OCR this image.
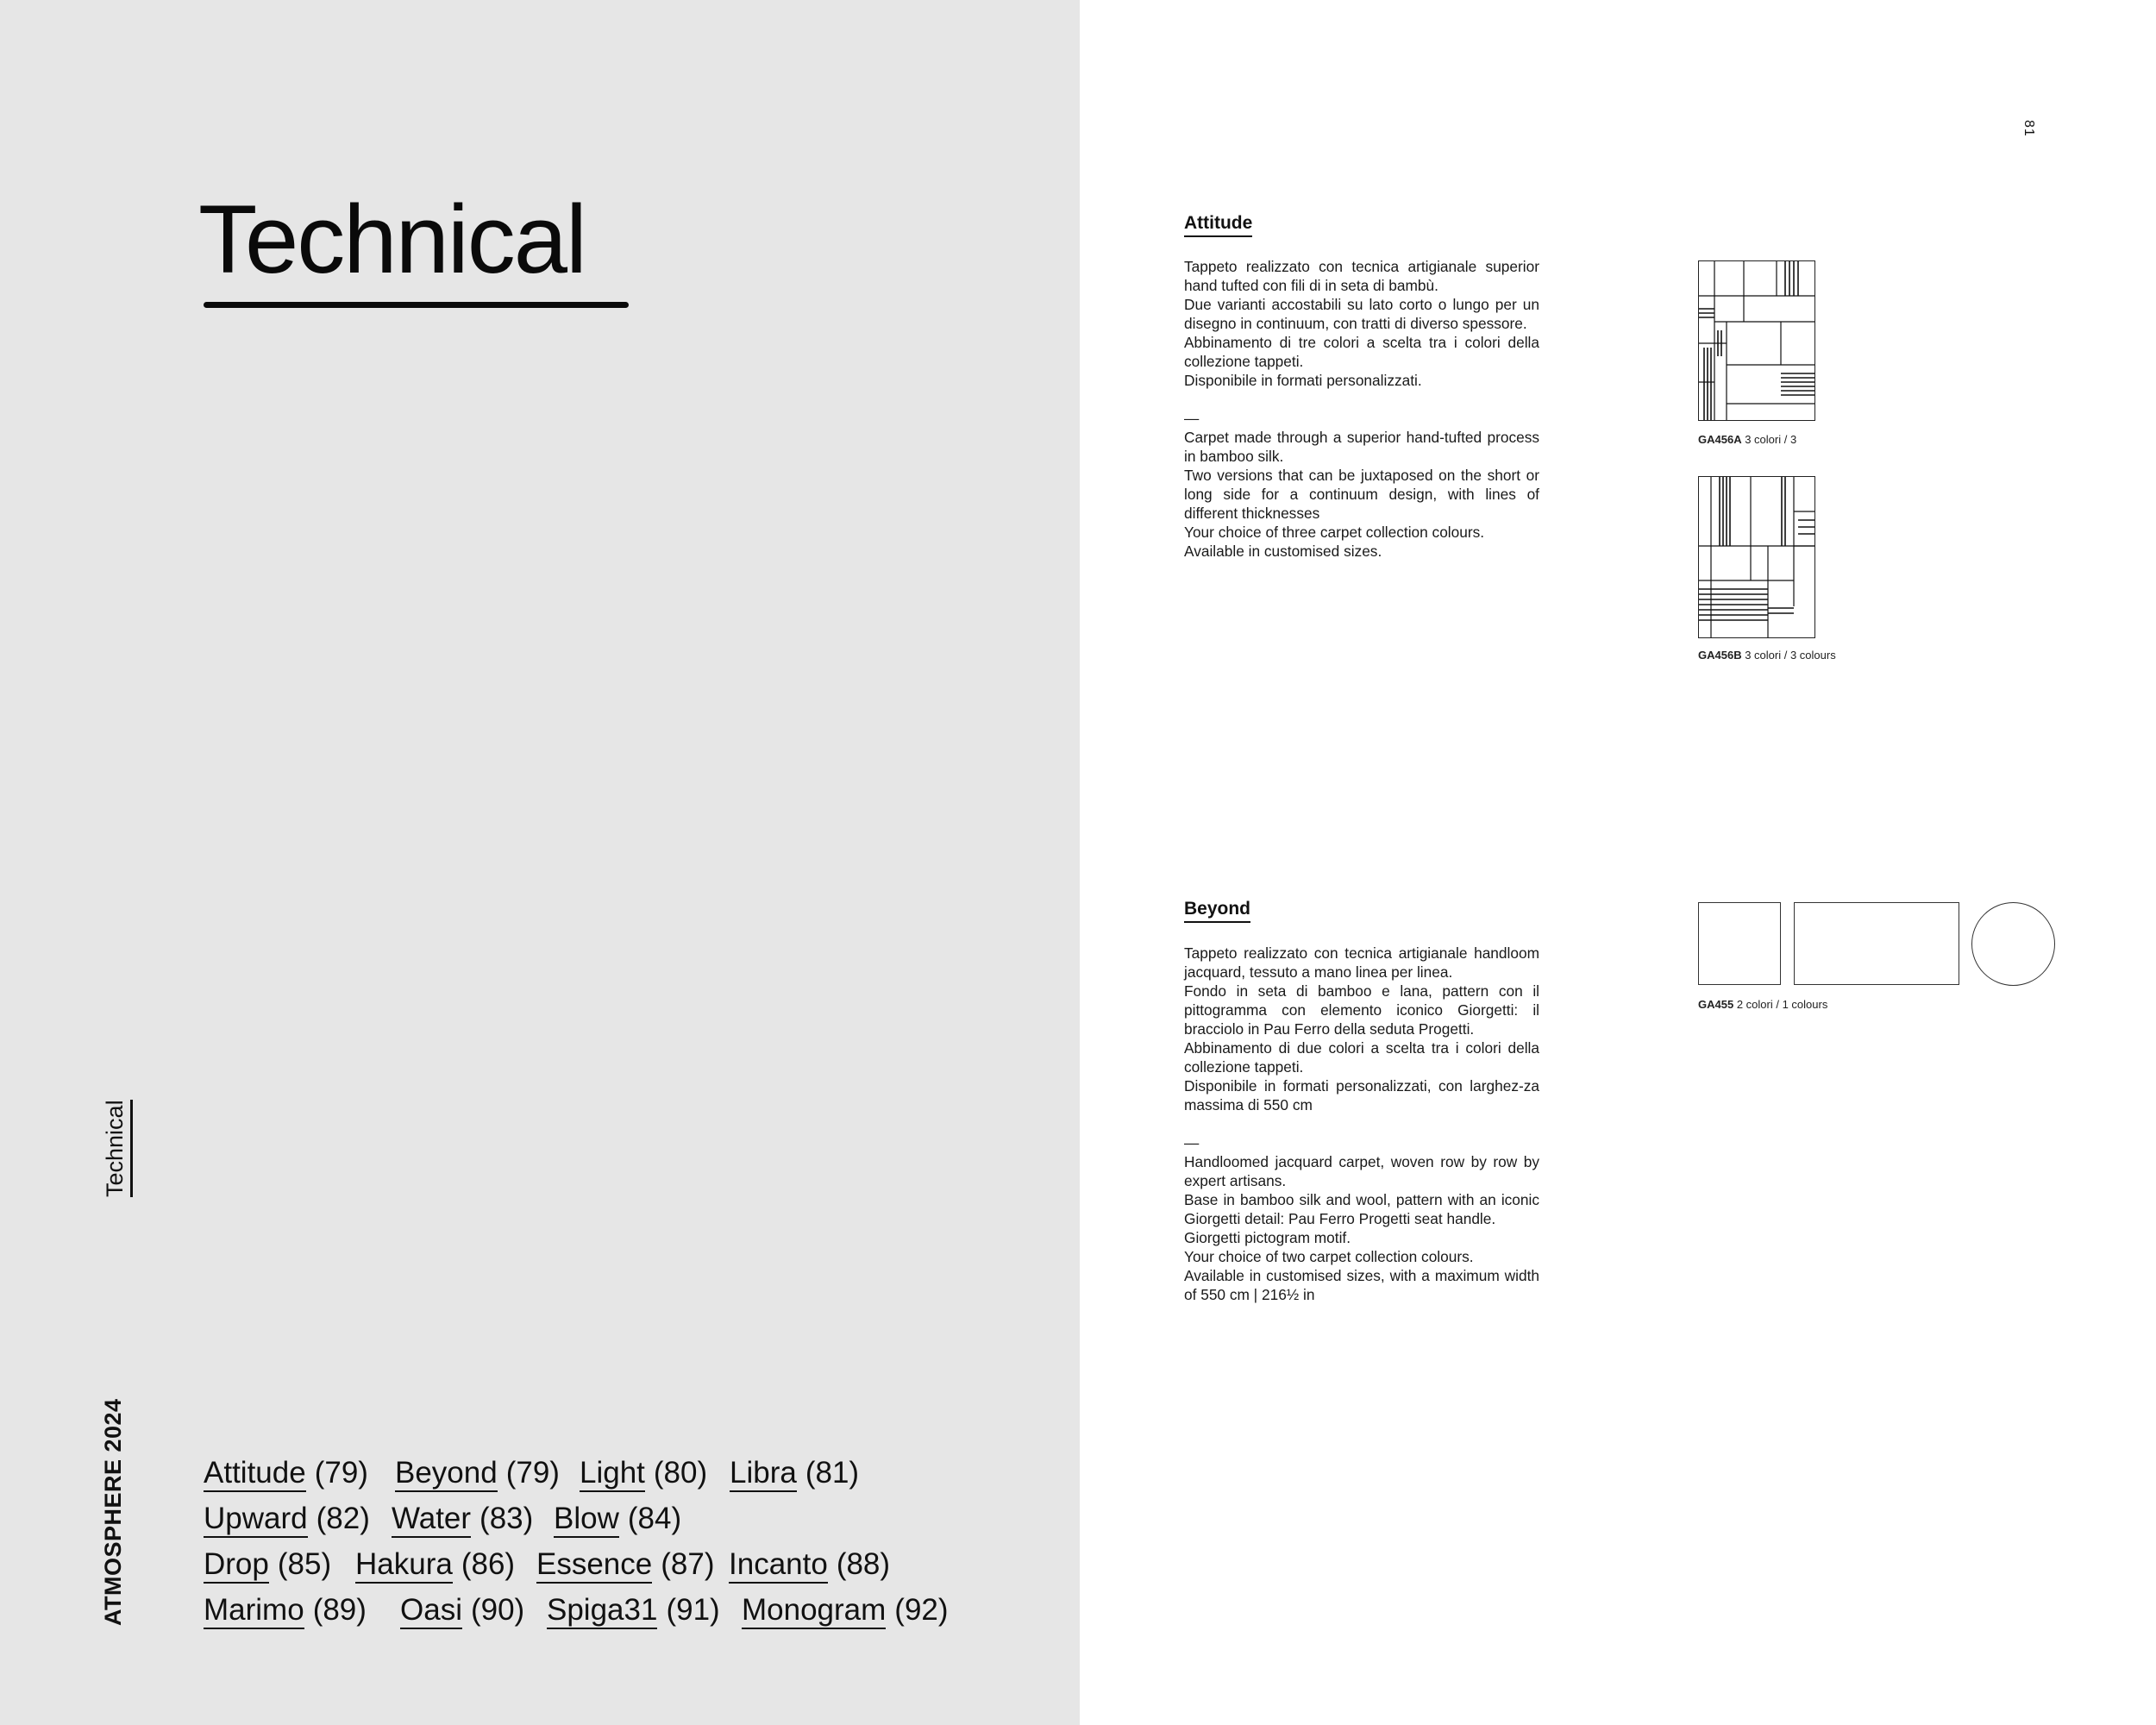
Technical
Technical
ATMOSPHERE 2024	Attitude (79) Beyond (79) Light (80) Libra (81)
Upward (82) Water (83) Blow (84)
Drop (85) Hakura (86) Essence (87) Incanto (88)
Marimo (89) Oasi (90) Spiga31 (91) Monogram (92)
81
Attitude
Tappeto realizzato con tecnica artigianale superior hand tufted con fili di in seta di bambù.
Due varianti accostabili su lato corto o lungo per un disegno in continuum, con tratti di diverso spessore.
Abbinamento di tre colori a scelta tra i colori della collezione tappeti.
Disponibile in formati personalizzati.
—
Carpet made through a superior hand-tufted process in bamboo silk.
Two versions that can be juxtaposed on the short or long side for a continuum design, with lines of different thicknesses
Your choice of three carpet collection colours.
Available in customised sizes.
GA456A 3 colori / 3
GA456B 3 colori / 3 colours
Beyond
Tappeto realizzato con tecnica artigianale handloom jacquard, tessuto a mano linea per linea.
Fondo in seta di bamboo e lana, pattern con il pittogramma con elemento iconico Giorgetti: il bracciolo in Pau Ferro della seduta Progetti.
Abbinamento di due colori a scelta tra i colori della collezione tappeti.
Disponibile in formati personalizzati, con larghez-za massima di 550 cm
—
Handloomed jacquard carpet, woven row by row by expert artisans.
Base in bamboo silk and wool, pattern with an iconic Giorgetti detail: Pau Ferro Progetti seat handle.
Giorgetti pictogram motif.
Your choice of two carpet collection colours.
Available in customised sizes, with a maximum width of 550 cm | 216½ in
GA455 2 colori / 1 colours
